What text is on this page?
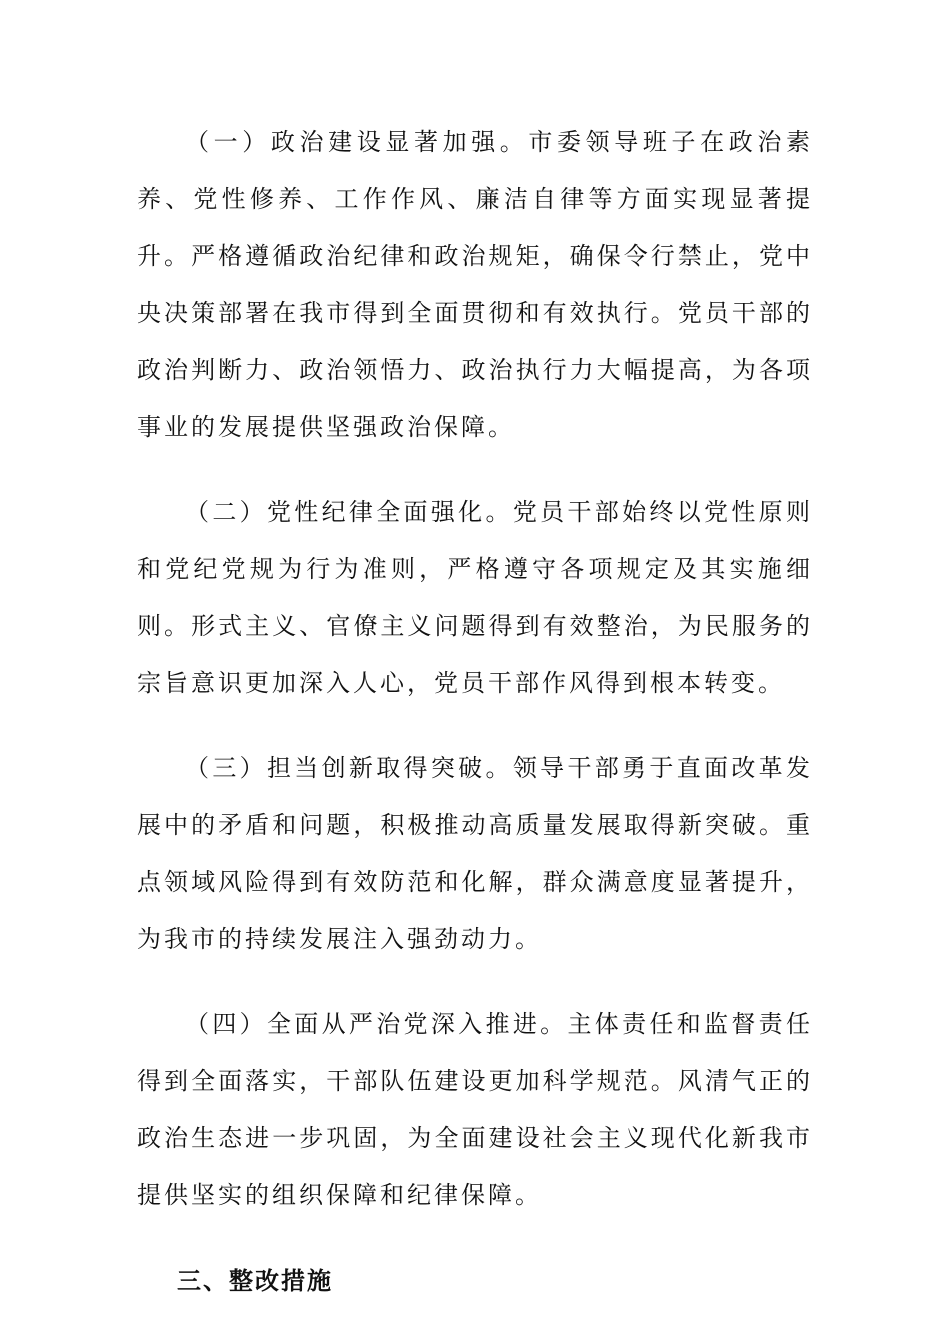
（一）政治建设显著加强。市委领导班子在政治素养、党性修养、工作作风、廉洁自律等方面实现显著提升。严格遵循政治纪律和政治规矩，确保令行禁止，党中央决策部署在我市得到全面贯彻和有效执行。党员干部的政治判断力、政治领悟力、政治执行力大幅提高，为各项事业的发展提供坚强政治保障。

（二）党性纪律全面强化。党员干部始终以党性原则和党纪党规为行为准则，严格遵守各项规定及其实施细则。形式主义、官僚主义问题得到有效整治，为民服务的宗旨意识更加深入人心，党员干部作风得到根本转变。

（三）担当创新取得突破。领导干部勇于直面改革发展中的矛盾和问题，积极推动高质量发展取得新突破。重点领域风险得到有效防范和化解，群众满意度显著提升，为我市的持续发展注入强劲动力。

（四）全面从严治党深入推进。主体责任和监督责任得到全面落实，干部队伍建设更加科学规范。风清气正的政治生态进一步巩固，为全面建设社会主义现代化新我市提供坚实的组织保障和纪律保障。

三、整改措施
